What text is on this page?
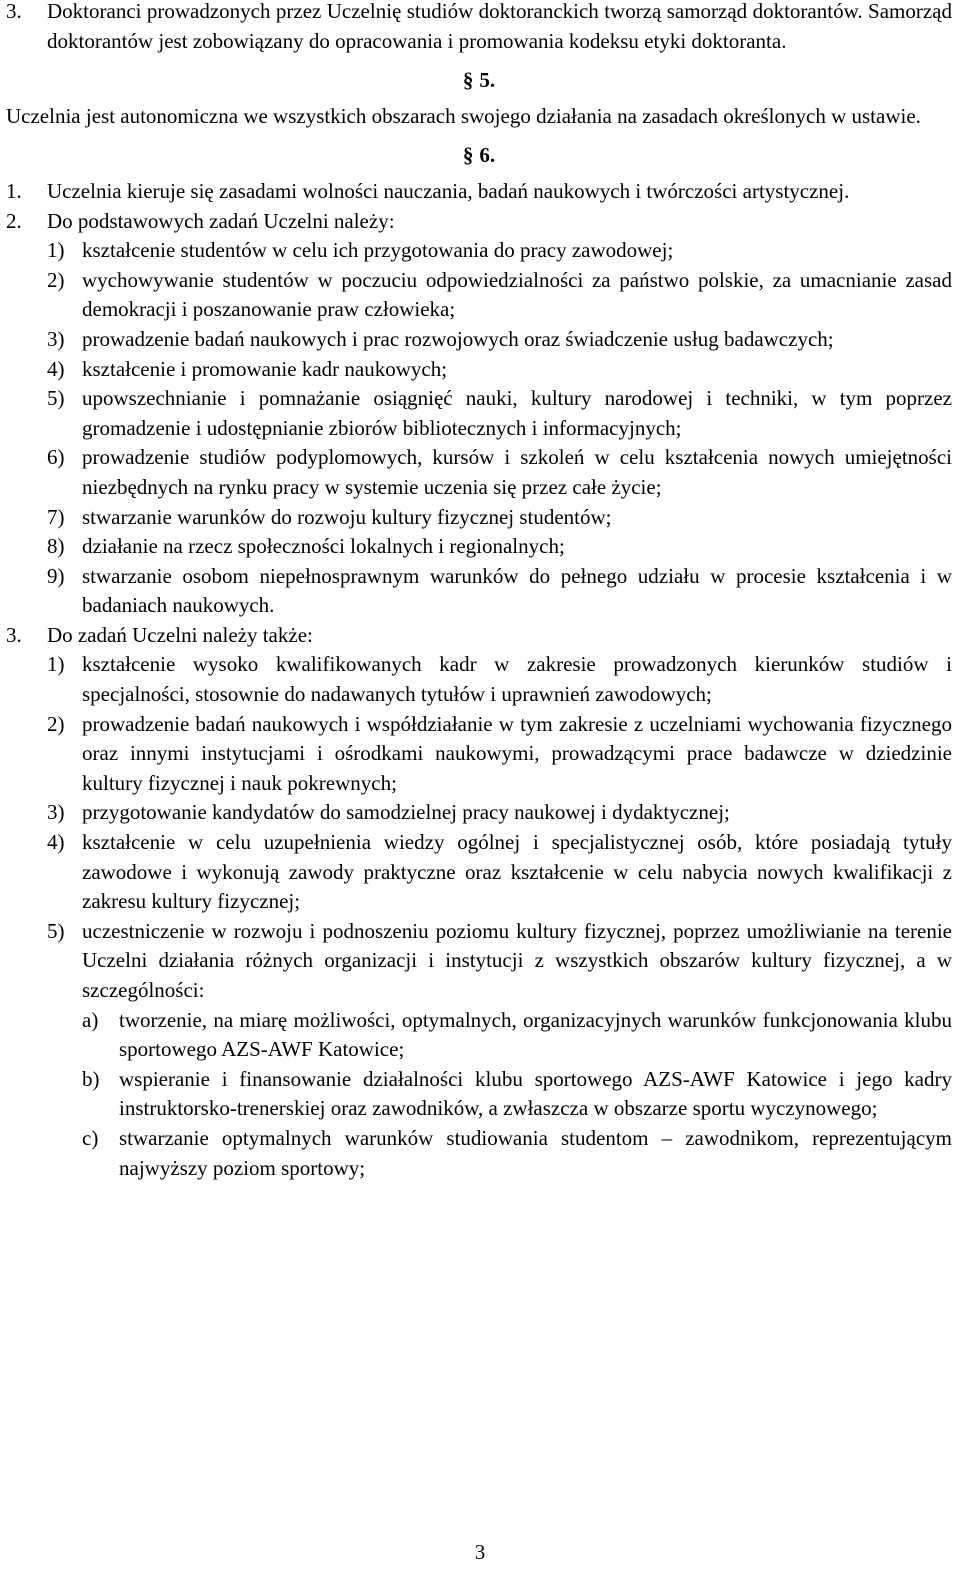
3. Doktoranci prowadzonych przez Uczelnię studiów doktoranckich tworzą samorząd doktorantów. Samorząd doktorantów jest zobowiązany do opracowania i promowania kodeksu etyki doktoranta.
§ 5.
Uczelnia jest autonomiczna we wszystkich obszarach swojego działania na zasadach określonych w ustawie.
§ 6.
1. Uczelnia kieruje się zasadami wolności nauczania, badań naukowych i twórczości artystycznej.
2. Do podstawowych zadań Uczelni należy:
1) kształcenie studentów w celu ich przygotowania do pracy zawodowej;
2) wychowywanie studentów w poczuciu odpowiedzialności za państwo polskie, za umacnianie zasad demokracji i poszanowanie praw człowieka;
3) prowadzenie badań naukowych i prac rozwojowych oraz świadczenie usług badawczych;
4) kształcenie i promowanie kadr naukowych;
5) upowszechnianie i pomnażanie osiągnięć nauki, kultury narodowej i techniki, w tym poprzez gromadzenie i udostępnianie zbiorów bibliotecznych i informacyjnych;
6) prowadzenie studiów podyplomowych, kursów i szkoleń w celu kształcenia nowych umiejętności niezbędnych na rynku pracy w systemie uczenia się przez całe życie;
7) stwarzanie warunków do rozwoju kultury fizycznej studentów;
8) działanie na rzecz społeczności lokalnych i regionalnych;
9) stwarzanie osobom niepełnosprawnym warunków do pełnego udziału w procesie kształcenia i w badaniach naukowych.
3. Do zadań Uczelni należy także:
1) kształcenie wysoko kwalifikowanych kadr w zakresie prowadzonych kierunków studiów i specjalności, stosownie do nadawanych tytułów i uprawnień zawodowych;
2) prowadzenie badań naukowych i współdziałanie w tym zakresie z uczelniami wychowania fizycznego oraz innymi instytucjami i ośrodkami naukowymi, prowadzącymi prace badawcze w dziedzinie kultury fizycznej i nauk pokrewnych;
3) przygotowanie kandydatów do samodzielnej pracy naukowej i dydaktycznej;
4) kształcenie w celu uzupełnienia wiedzy ogólnej i specjalistycznej osób, które posiadają tytuły zawodowe i wykonują zawody praktyczne oraz kształcenie w celu nabycia nowych kwalifikacji z zakresu kultury fizycznej;
5) uczestniczenie w rozwoju i podnoszeniu poziomu kultury fizycznej, poprzez umożliwianie na terenie Uczelni działania różnych organizacji i instytucji z wszystkich obszarów kultury fizycznej, a w szczególności:
a) tworzenie, na miarę możliwości, optymalnych, organizacyjnych warunków funkcjonowania klubu sportowego AZS-AWF Katowice;
b) wspieranie i finansowanie działalności klubu sportowego AZS-AWF Katowice i jego kadry instruktorsko-trenerskiej oraz zawodników, a zwłaszcza w obszarze sportu wyczynowego;
c) stwarzanie optymalnych warunków studiowania studentom – zawodnikom, reprezentującym najwyższy poziom sportowy;
3
